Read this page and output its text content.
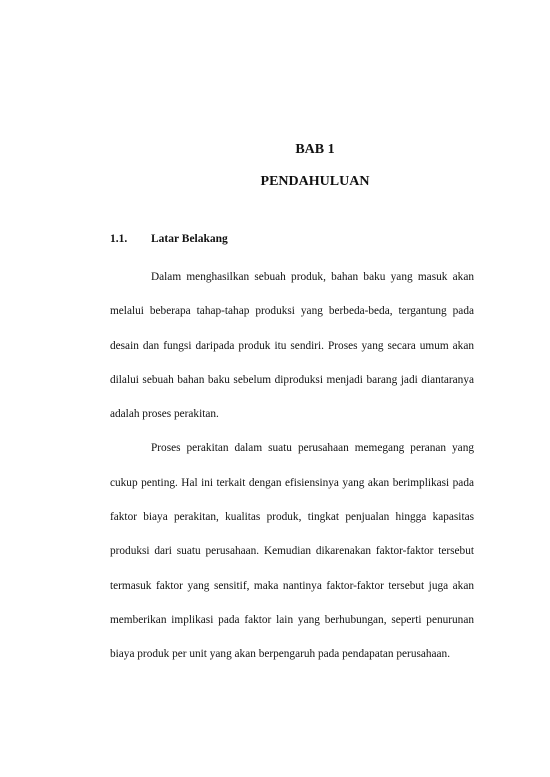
BAB 1
PENDAHULUAN
1.1. Latar Belakang

Dalam menghasilkan sebuah produk, bahan baku yang masuk akan melalui beberapa tahap-tahap produksi yang berbeda-beda, tergantung pada desain dan fungsi daripada produk itu sendiri. Proses yang secara umum akan dilalui sebuah bahan baku sebelum diproduksi menjadi barang jadi diantaranya adalah proses perakitan.

Proses perakitan dalam suatu perusahaan memegang peranan yang cukup penting. Hal ini terkait dengan efisiensinya yang akan berimplikasi pada faktor biaya perakitan, kualitas produk, tingkat penjualan hingga kapasitas produksi dari suatu perusahaan. Kemudian dikarenakan faktor-faktor tersebut termasuk faktor yang sensitif, maka nantinya faktor-faktor tersebut juga akan memberikan implikasi pada faktor lain yang berhubungan, seperti penurunan biaya produk per unit yang akan berpengaruh pada pendapatan perusahaan.
